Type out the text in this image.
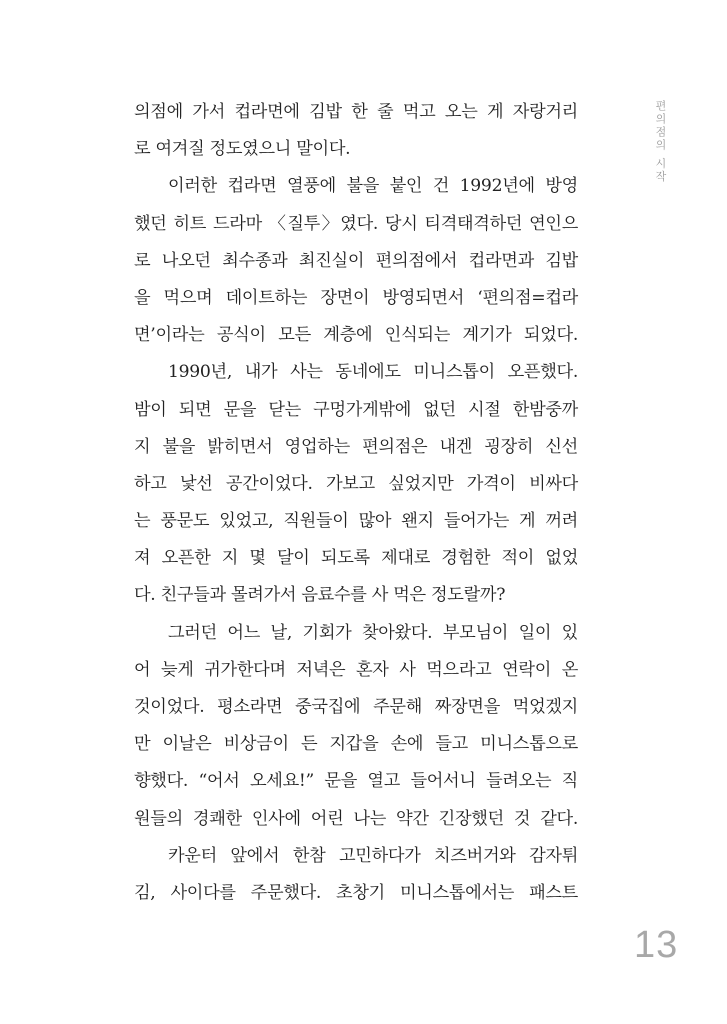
의점에 가서 컵라면에 김밥 한 줄 먹고 오는 게 자랑거리
로 여겨질 정도였으니 말이다.
이러한 컵라면 열풍에 불을 붙인 건 1992년에 방영
했던 히트 드라마 〈질투〉였다. 당시 티격태격하던 연인으
로 나오던 최수종과 최진실이 편의점에서 컵라면과 김밥
을 먹으며 데이트하는 장면이 방영되면서 ‘편의점=컵라
면’이라는 공식이 모든 계층에 인식되는 계기가 되었다.
1990년, 내가 사는 동네에도 미니스톱이 오픈했다.
밤이 되면 문을 닫는 구멍가게밖에 없던 시절 한밤중까
지 불을 밝히면서 영업하는 편의점은 내겐 굉장히 신선
하고 낯선 공간이었다. 가보고 싶었지만 가격이 비싸다
는 풍문도 있었고, 직원들이 많아 왠지 들어가는 게 꺼려
져 오픈한 지 몇 달이 되도록 제대로 경험한 적이 없었
다. 친구들과 몰려가서 음료수를 사 먹은 정도랄까?
그러던 어느 날, 기회가 찾아왔다. 부모님이 일이 있
어 늦게 귀가한다며 저녁은 혼자 사 먹으라고 연락이 온
것이었다. 평소라면 중국집에 주문해 짜장면을 먹었겠지
만 이날은 비상금이 든 지갑을 손에 들고 미니스톱으로
향했다. “어서 오세요!” 문을 열고 들어서니 들려오는 직
원들의 경쾌한 인사에 어린 나는 약간 긴장했던 것 같다.
카운터 앞에서 한참 고민하다가 치즈버거와 감자튀
김, 사이다를 주문했다. 초창기 미니스톱에서는 패스트
편의점의 시작
13
